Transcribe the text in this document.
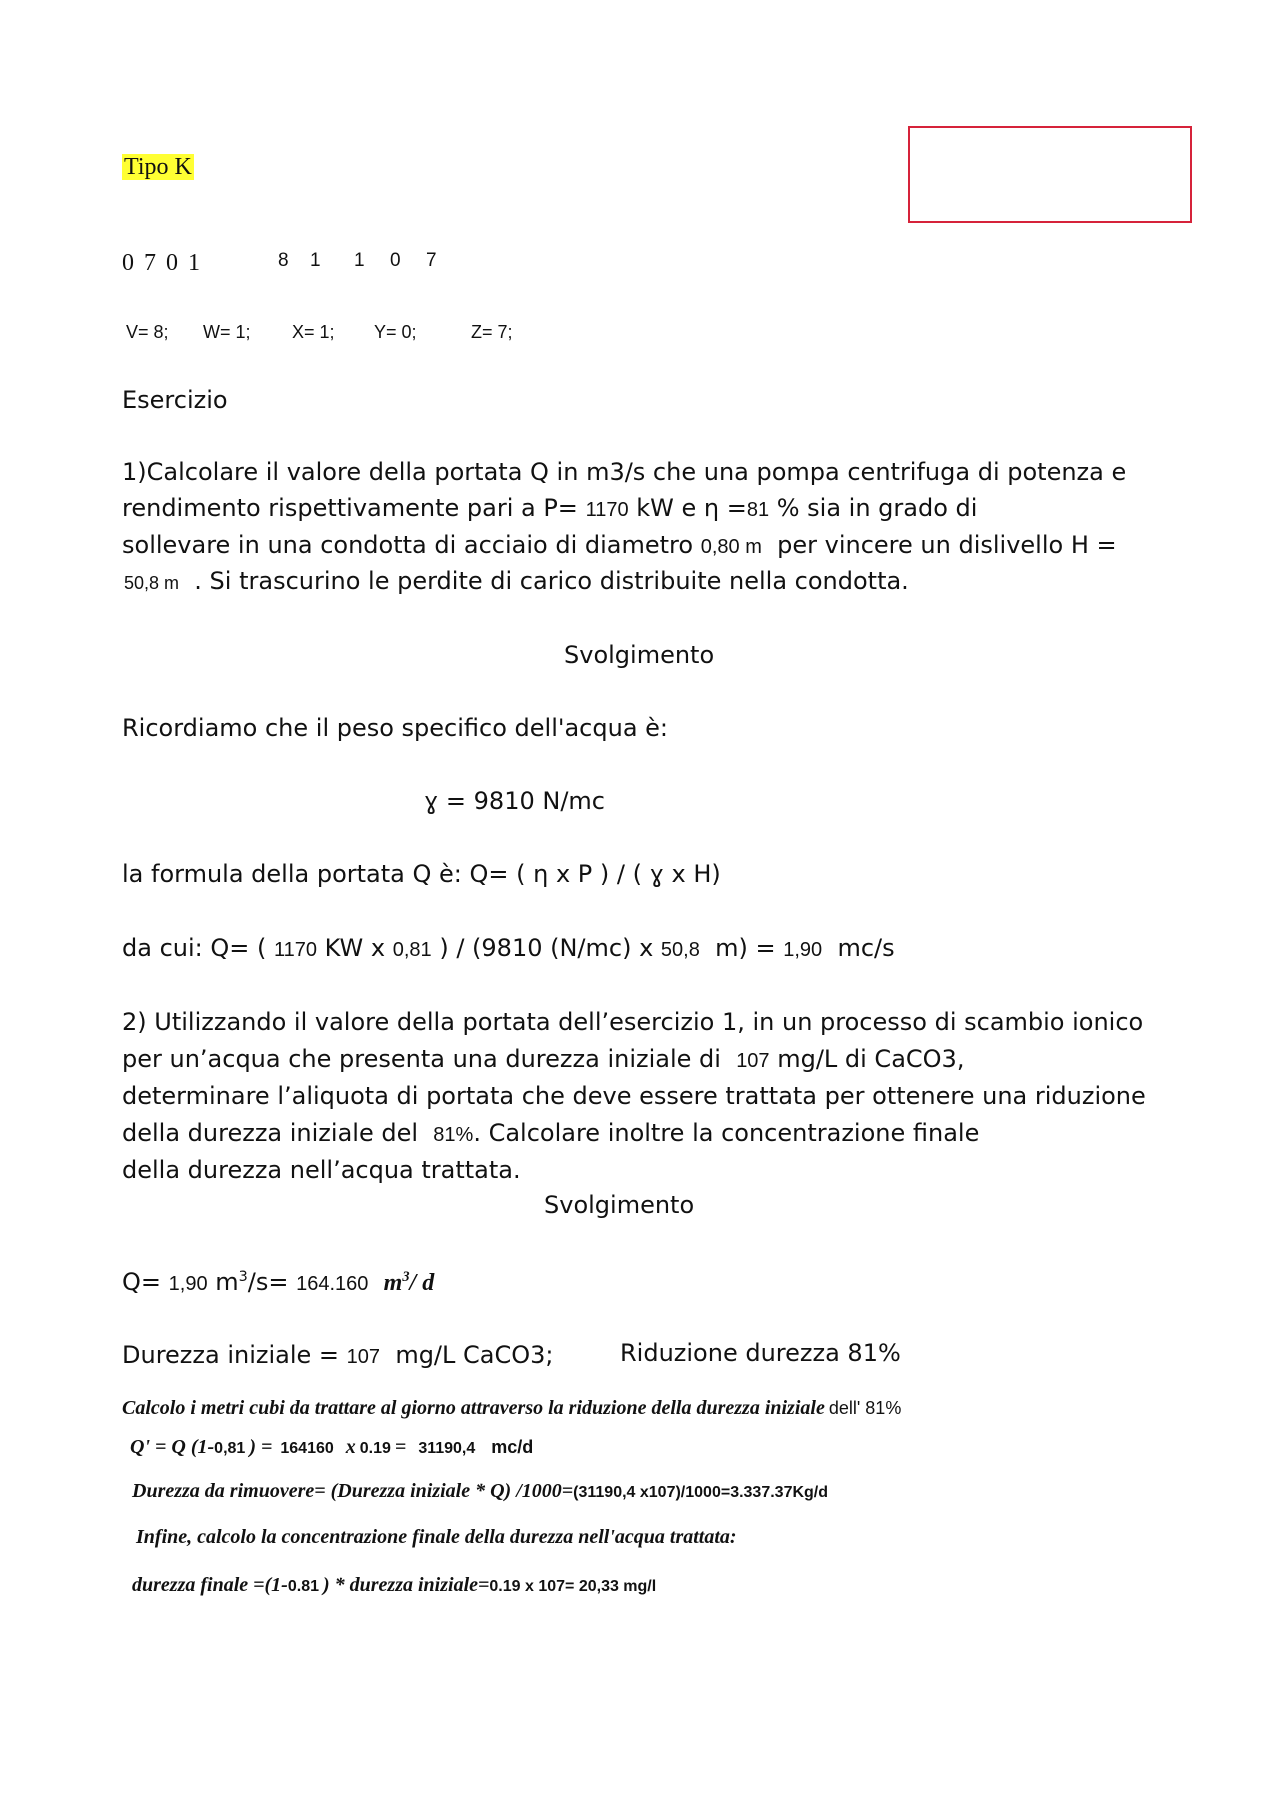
Tipo K
0 7 0 1	8 1 1 0 7
V= 8; W= 1; X= 1; Y= 0;	Z= 7;
Esercizio
1)Calcolare il valore della portata Q in m3/s che una pompa centrifuga di potenza e
rendimento rispettivamente pari a P= 1170 kW e η =81 % sia in grado di
sollevare in una condotta di acciaio di diametro 0,80 m per vincere un dislivello H =
50,8 m . Si trascurino le perdite di carico distribuite nella condotta.
Svolgimento
Ricordiamo che il peso specifico dell'acqua è:
ɣ = 9810 N/mc
la formula della portata Q è: Q= ( ƞ x P ) / ( ɣ x H)
da cui: Q= ( 1170 KW x 0,81 ) / (9810 (N/mc) x 50,8 m) = 1,90 mc/s
2) Utilizzando il valore della portata dell’esercizio 1, in un processo di scambio ionico
per un’acqua che presenta una durezza iniziale di 107 mg/L di CaCO3,
determinare l’aliquota di portata che deve essere trattata per ottenere una riduzione
della durezza iniziale del 81%. Calcolare inoltre la concentrazione finale
della durezza nell’acqua trattata.
Svolgimento
Q= 1,90 $m^3/s= 164.160$ $m^3/$ d
Durezza iniziale = 107 mg/L CaCO3;	Riduzione durezza 81%
Calcolo i metri cubi da trattare al giorno attraverso la riduzione della durezza iniziale dell' 81%
Q' = Q (1-0,81 ) = 164160 x 0.19 = 31190,4 mc/d
Durezza da rimuovere= (Durezza iniziale * Q) /1000=(31190,4 x107)/1000=3.337.37Kg/d
Infine, calcolo la concentrazione finale della durezza nell'acqua trattata:
durezza finale =(1-0.81 ) * durezza iniziale=0.19 x 107= 20,33 mg/l
